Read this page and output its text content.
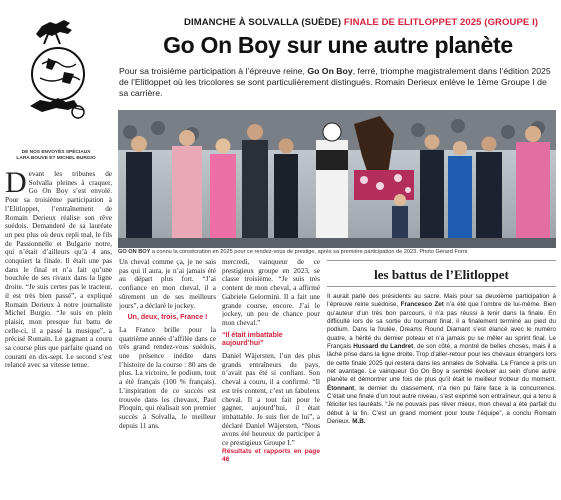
DIMANCHE À SOLVALLA (SUÈDE) FINALE DE ELITLOPPET 2025 (GROUPE I)
Go On Boy sur une autre planète
Pour sa troisième participation à l’épreuve reine, Go On Boy, ferré, triomphe magistralement dans l’édition 2025 de l’Elitloppet où les tricolores se sont particulièrement distingués. Romain Derieux enlève le 1ème Groupe I de sa carrière.
GO ON BOY a connu la consécration en 2025 pour ce rendez-vous de prestige, après sa première participation de 2023. Photo Gérard Forni
DE NOS ENVOYÉS SPÉCIAUX
LARA BOUVE ET MICHEL BURGIO
D evant les tribunes de Solvalla pleines à craquer, Go On Boy s’est envolé. Pour sa troisième participation à l’Elitloppet, l’entraînement de Romain Derieux réalise son rêve suédois. Demanderé de sa lauréate un peu plus où deux repli mal, le fils de Passionnelle et Bulgarie notre, qui n’était d’ailleurs qu’à 4 ans, conquiert la finale. Il était une pas dans le final et n’a fait qu’une bouchée de ses rivaux dans la ligne droite. “Je suis certes pas le tracteur, il est très bien passé”, a expliqué Romain Derieux à notre journaliste Michel Burgio. “Je suis en plein plaisir, mon presque fut battu de celle-ci, il a passé la musique”, a précisé Romain. Le gagnant a couru sa course plus que parfaite quand on courant en dix-sept. Le second s’est relancé avec sa vitesse tenue.

Un cheval comme ça, je ne sais pas qui il aura, je n’ai jamais été au départ plus fort. “J’ai confiance en mon cheval, il a sûrement un de ses meilleurs jours”, a déclaré le jockey.

Un, deux, trois, France !

La France brille pour la quatrième année d’affilée dans ce très grand rendez-vous suédois, une présence inédite dans l’histoire de la course : 80 ans de plus. La victoire, le podium, tout a été français (100 % français). L’inspiration de ce succès est trouvée dans les chevaux, Paul Ploquin, qui réalisait son premier succès à Solvalla, le meilleur depuis 11 ans.

mercredi, vainqueur de ce prestigieux groupe en 2023, se classe troisième. “Je suis très content de mon cheval, a affirmé Gabriele Gelormini. Il a fait une grande course, encore. J’ai le jockey, un peu de chance pour mon cheval.”

“Il était imbattable aujourd’hui”

Daniel Wäjersten, l’un des plus grands entraîneurs du pays, n’avait pas été si confiant. Son cheval a couru, il a confirmé. “Il est très content, c’est un fabuleux cheval. Il a tout fait pour le gagner, aujourd’hui, il était imbattable. Je suis fier de lui”, a déclaré Daniel Wäjersten, “Nous avons été heureux de participer à ce prestigieux Groupe I.”

Résultats et rapports en page 46

les battus de l’Elitloppet
Il aurait parlé des présidents au sacre. Mais pour sa deuxième participation à l’épreuve reine suédoise, Francesco Zet n’a été que l’ombre de lui-même. Bien qu’auteur d’un très bon parcours, il n’a pas réussi à tenir dans la finale. En difficulté lors de sa sortie du tournant final, il a finalement terminé au pied du podium. Dans la foulée, Dreams Round Diamant s’est élancé avec le numéro quatre, a hérité du dernier poteau et n’a jamais pu se mêler au sprint final. Le Français Hussard du Landret, de son côté, a montré de belles choses, mais il a lâché prise dans la ligne droite. Trop d’aller-retour pour les chevaux étrangers lors de cette finale 2025 qui restera dans les annales de Solvalla. La France a pris un net avantage. Le vainqueur Go On Boy a semblé évoluer au sein d’une autre planète et démontrer une fois de plus qu’il était le meilleur trotteur du moment. Étonnant, le dernier du classement, n’a rien pu faire face à la concurrence. C’était une finale d’un tout autre niveau, s’est exprimé son entraîneur, qui a tenu à féliciter les lauréats. “Je ne pouvais pas rêver mieux, mon cheval a été parfait du début à la fin. C’est un grand moment pour toute l’équipe”, a conclu Romain Derieux. M.B.
